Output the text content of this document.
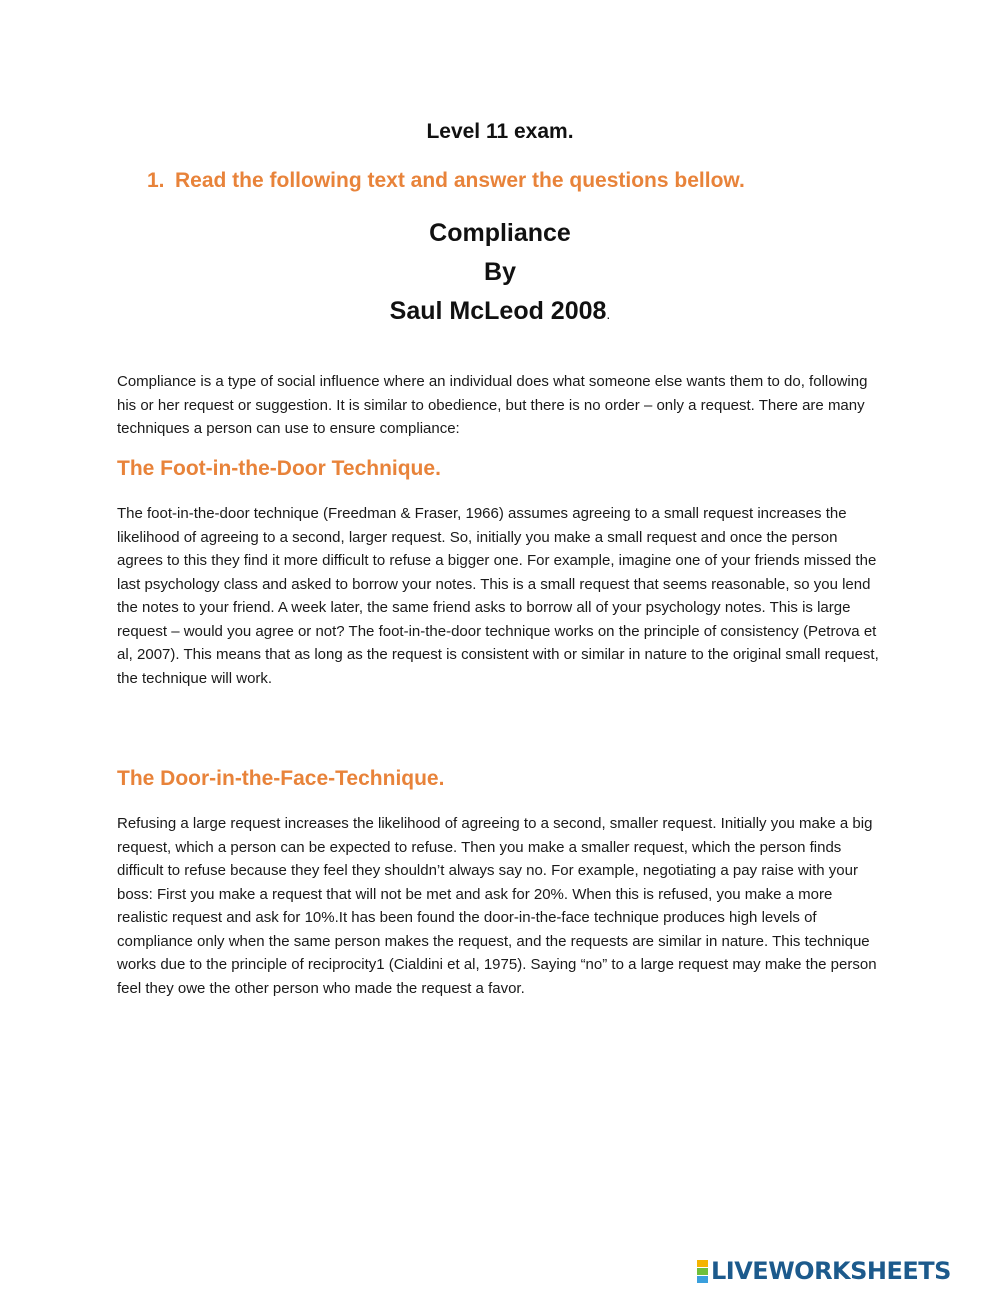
Level 11 exam.
1. Read the following text and answer the questions bellow.
Compliance
By
Saul McLeod 2008.

Compliance is a type of social influence where an individual does what someone else wants them to do, following his or her request or suggestion. It is similar to obedience, but there is no order – only a request. There are many techniques a person can use to ensure compliance:

The Foot-in-the-Door Technique.

The foot-in-the-door technique (Freedman & Fraser, 1966) assumes agreeing to a small request increases the likelihood of agreeing to a second, larger request. So, initially you make a small request and once the person agrees to this they find it more difficult to refuse a bigger one. For example, imagine one of your friends missed the last psychology class and asked to borrow your notes. This is a small request that seems reasonable, so you lend the notes to your friend. A week later, the same friend asks to borrow all of your psychology notes. This is large request – would you agree or not? The foot-in-the-door technique works on the principle of consistency (Petrova et al, 2007). This means that as long as the request is consistent with or similar in nature to the original small request, the technique will work.

The Door-in-the-Face-Technique.

Refusing a large request increases the likelihood of agreeing to a second, smaller request. Initially you make a big request, which a person can be expected to refuse. Then you make a smaller request, which the person finds difficult to refuse because they feel they shouldn’t always say no. For example, negotiating a pay raise with your boss: First you make a request that will not be met and ask for 20%. When this is refused, you make a more realistic request and ask for 10%.It has been found the door-in-the-face technique produces high levels of compliance only when the same person makes the request, and the requests are similar in nature. This technique works due to the principle of reciprocity1 (Cialdini et al, 1975). Saying “no” to a large request may make the person feel they owe the other person who made the request a favor.

LIVEWORKSHEETS
